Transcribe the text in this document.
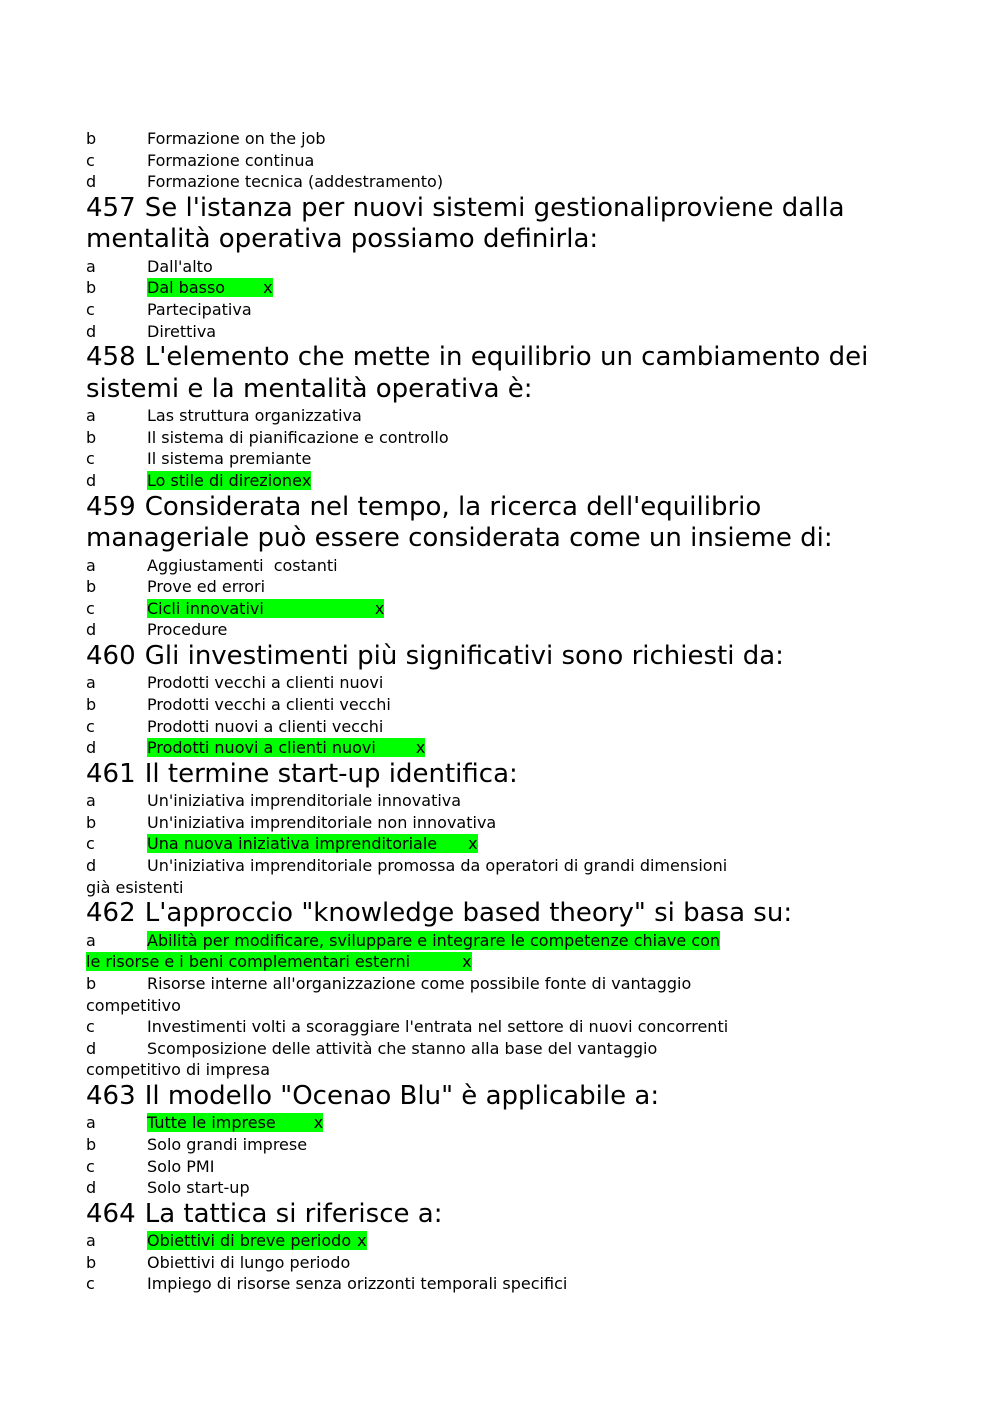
b	Formazione on the job
c	Formazione continua
d	Formazione tecnica (addestramento)

457 Se l'istanza per nuovi sistemi gestionaliproviene dalla mentalità operativa possiamo definirla:

a	Dall'alto
b	Dal basso x
c	Partecipativa
d	Direttiva

458 L'elemento che mette in equilibrio un cambiamento dei sistemi e la mentalità operativa è:

a	Las struttura organizzativa
b	Il sistema di pianificazione e controllo
c	Il sistema premiante
d	Lo stile di direzionex

459 Considerata nel tempo, la ricerca dell'equilibrio manageriale può essere considerata come un insieme di:

a	Aggiustamenti  costanti
b	Prove ed errori
c	Cicli innovativi	x
d	Procedure

460 Gli investimenti più significativi sono richiesti da:

a	Prodotti vecchi a clienti nuovi
b	Prodotti vecchi a clienti vecchi
c	Prodotti nuovi a clienti vecchi
d	Prodotti nuovi a clienti nuovi	x

461 Il termine start-up identifica:

a	Un'iniziativa imprenditoriale innovativa
b	Un'iniziativa imprenditoriale non innovativa
c	Una nuova iniziativa imprenditoriale x
d	Un'iniziativa imprenditoriale promossa da operatori di grandi dimensioni
già esistenti

462 L'approccio "knowledge based theory" si basa su:

a	Abilità per modificare, sviluppare e integrare le competenze chiave con
le risorse e i beni complementari esterni	x
b	Risorse interne all'organizzazione come possibile fonte di vantaggio
competitivo
c	Investimenti volti a scoraggiare l'entrata nel settore di nuovi concorrenti
d	Scomposizione delle attività che stanno alla base del vantaggio
competitivo di impresa

463 Il modello "Ocenao Blu" è applicabile a:

a	Tutte le imprese x
b	Solo grandi imprese
c	Solo PMI
d	Solo start-up

464 La tattica si riferisce a:

a	Obiettivi di breve periodo x
b	Obiettivi di lungo periodo
c	Impiego di risorse senza orizzonti temporali specifici
